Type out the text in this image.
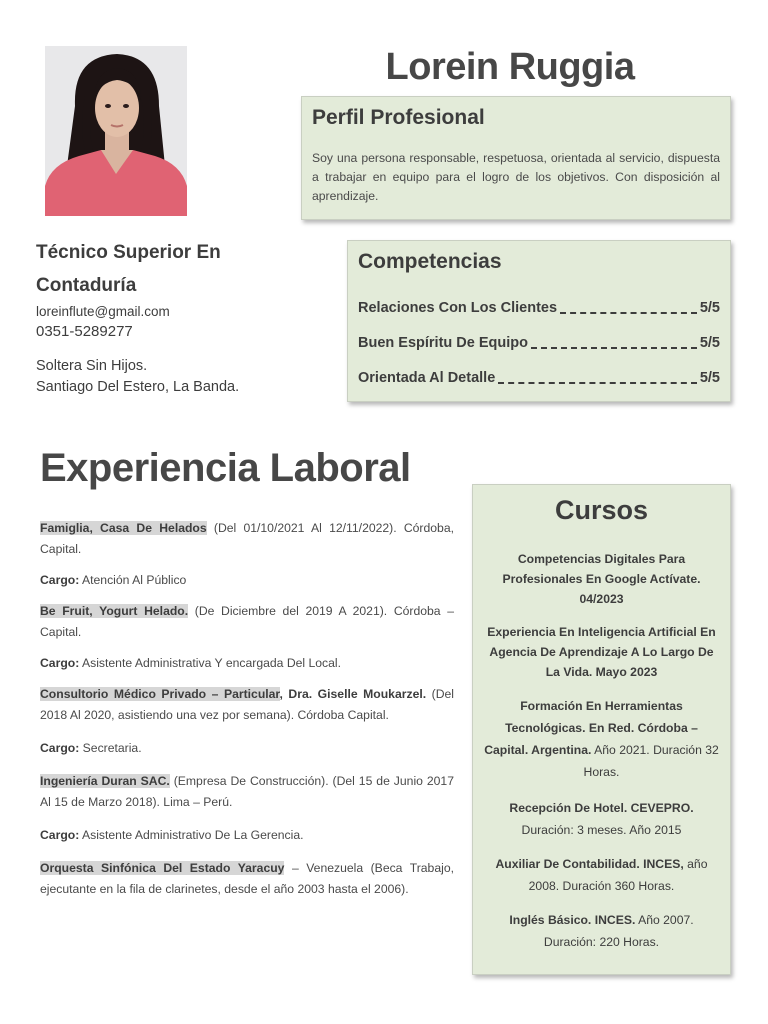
Lorein Ruggia
Perfil Profesional

Soy una persona responsable, respetuosa, orientada al servicio, dispuesta a trabajar en equipo para el logro de los objetivos. Con disposición al aprendizaje.

Técnico Superior En Contaduría
loreinflute@gmail.com
0351-5289277
Soltera Sin Hijos.
Santiago Del Estero, La Banda.
Competencias
Relaciones Con Los Clientes	5/5
Buen Espíritu De Equipo	5/5
Orientada Al Detalle	5/5
Experiencia Laboral

Famiglia, Casa De Helados (Del 01/10/2021 Al 12/11/2022). Córdoba, Capital.

Cargo: Atención Al Público

Be Fruit, Yogurt Helado. (De Diciembre del 2019 A 2021). Córdoba – Capital.

Cargo: Asistente Administrativa Y encargada Del Local.

Consultorio Médico Privado – Particular, Dra. Giselle Moukarzel. (Del 2018 Al 2020, asistiendo una vez por semana). Córdoba Capital.

Cargo: Secretaria.

Ingeniería Duran SAC. (Empresa De Construcción). (Del 15 de Junio 2017 Al 15 de Marzo 2018). Lima – Perú.

Cargo: Asistente Administrativo De La Gerencia.

Orquesta Sinfónica Del Estado Yaracuy – Venezuela (Beca Trabajo, ejecutante en la fila de clarinetes, desde el año 2003 hasta el 2006).

Cursos
Competencias Digitales Para Profesionales En Google Actívate.
04/2023
Experiencia En Inteligencia Artificial En Agencia De Aprendizaje A Lo Largo De La Vida. Mayo 2023
Formación En Herramientas Tecnológicas. En Red. Córdoba – Capital. Argentina. Año 2021. Duración 32 Horas.
Recepción De Hotel. CEVEPRO. Duración: 3 meses. Año 2015
Auxiliar De Contabilidad. INCES, año 2008. Duración 360 Horas.
Inglés Básico. INCES. Año 2007. Duración: 220 Horas.
